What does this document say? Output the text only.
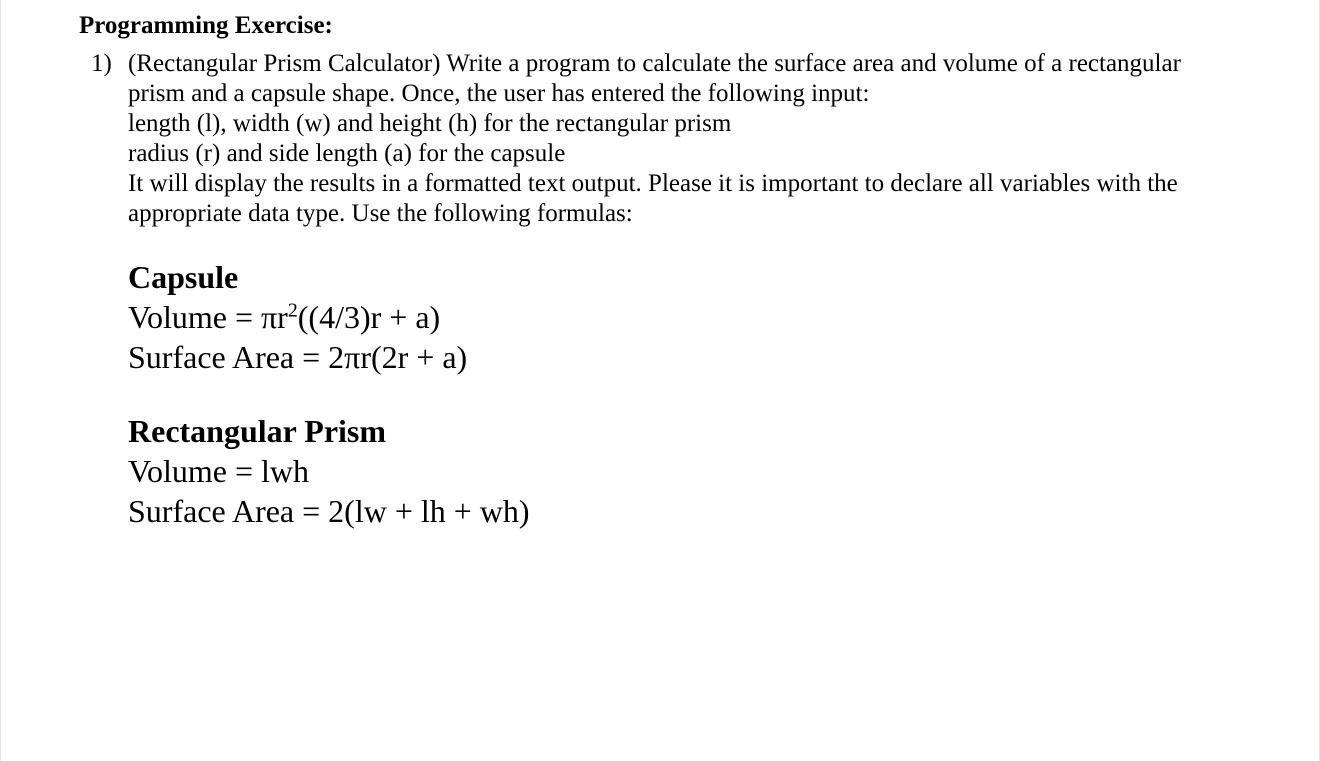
Programming Exercise:
1) (Rectangular Prism Calculator) Write a program to calculate the surface area and volume of a rectangular
prism and a capsule shape. Once, the user has entered the following input:
length (l), width (w) and height (h) for the rectangular prism
radius (r) and side length (a) for the capsule
It will display the results in a formatted text output. Please it is important to declare all variables with the
appropriate data type. Use the following formulas:
Capsule
Volume = $\pi r^2((4/3)r + a)$
Surface Area = 2πr(2r + a)
Rectangular Prism
Volume = lwh
Surface Area = 2(lw + lh + wh)
